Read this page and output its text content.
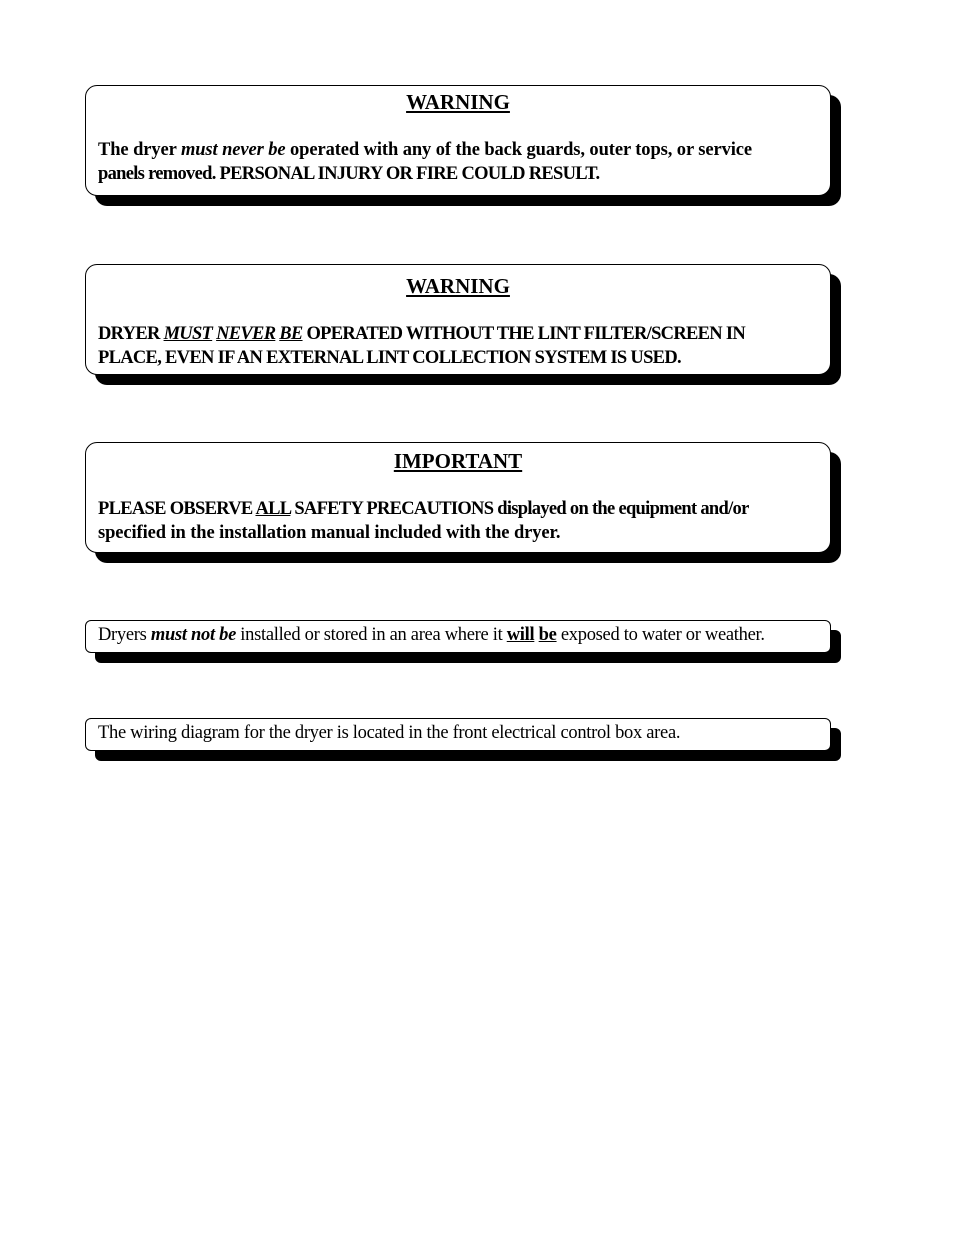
WARNING
The dryer must never be operated with any of the back guards, outer tops, or service
panels removed. PERSONAL INJURY OR FIRE COULD RESULT.
WARNING
DRYER MUST NEVER BE OPERATED WITHOUT THE LINT FILTER/SCREEN IN
PLACE, EVEN IF AN EXTERNAL LINT COLLECTION SYSTEM IS USED.
IMPORTANT
PLEASE OBSERVE ALL SAFETY PRECAUTIONS displayed on the equipment and/or
specified in the installation manual included with the dryer.
Dryers must not be installed or stored in an area where it will be exposed to water or weather.
The wiring diagram for the dryer is located in the front electrical control box area.
